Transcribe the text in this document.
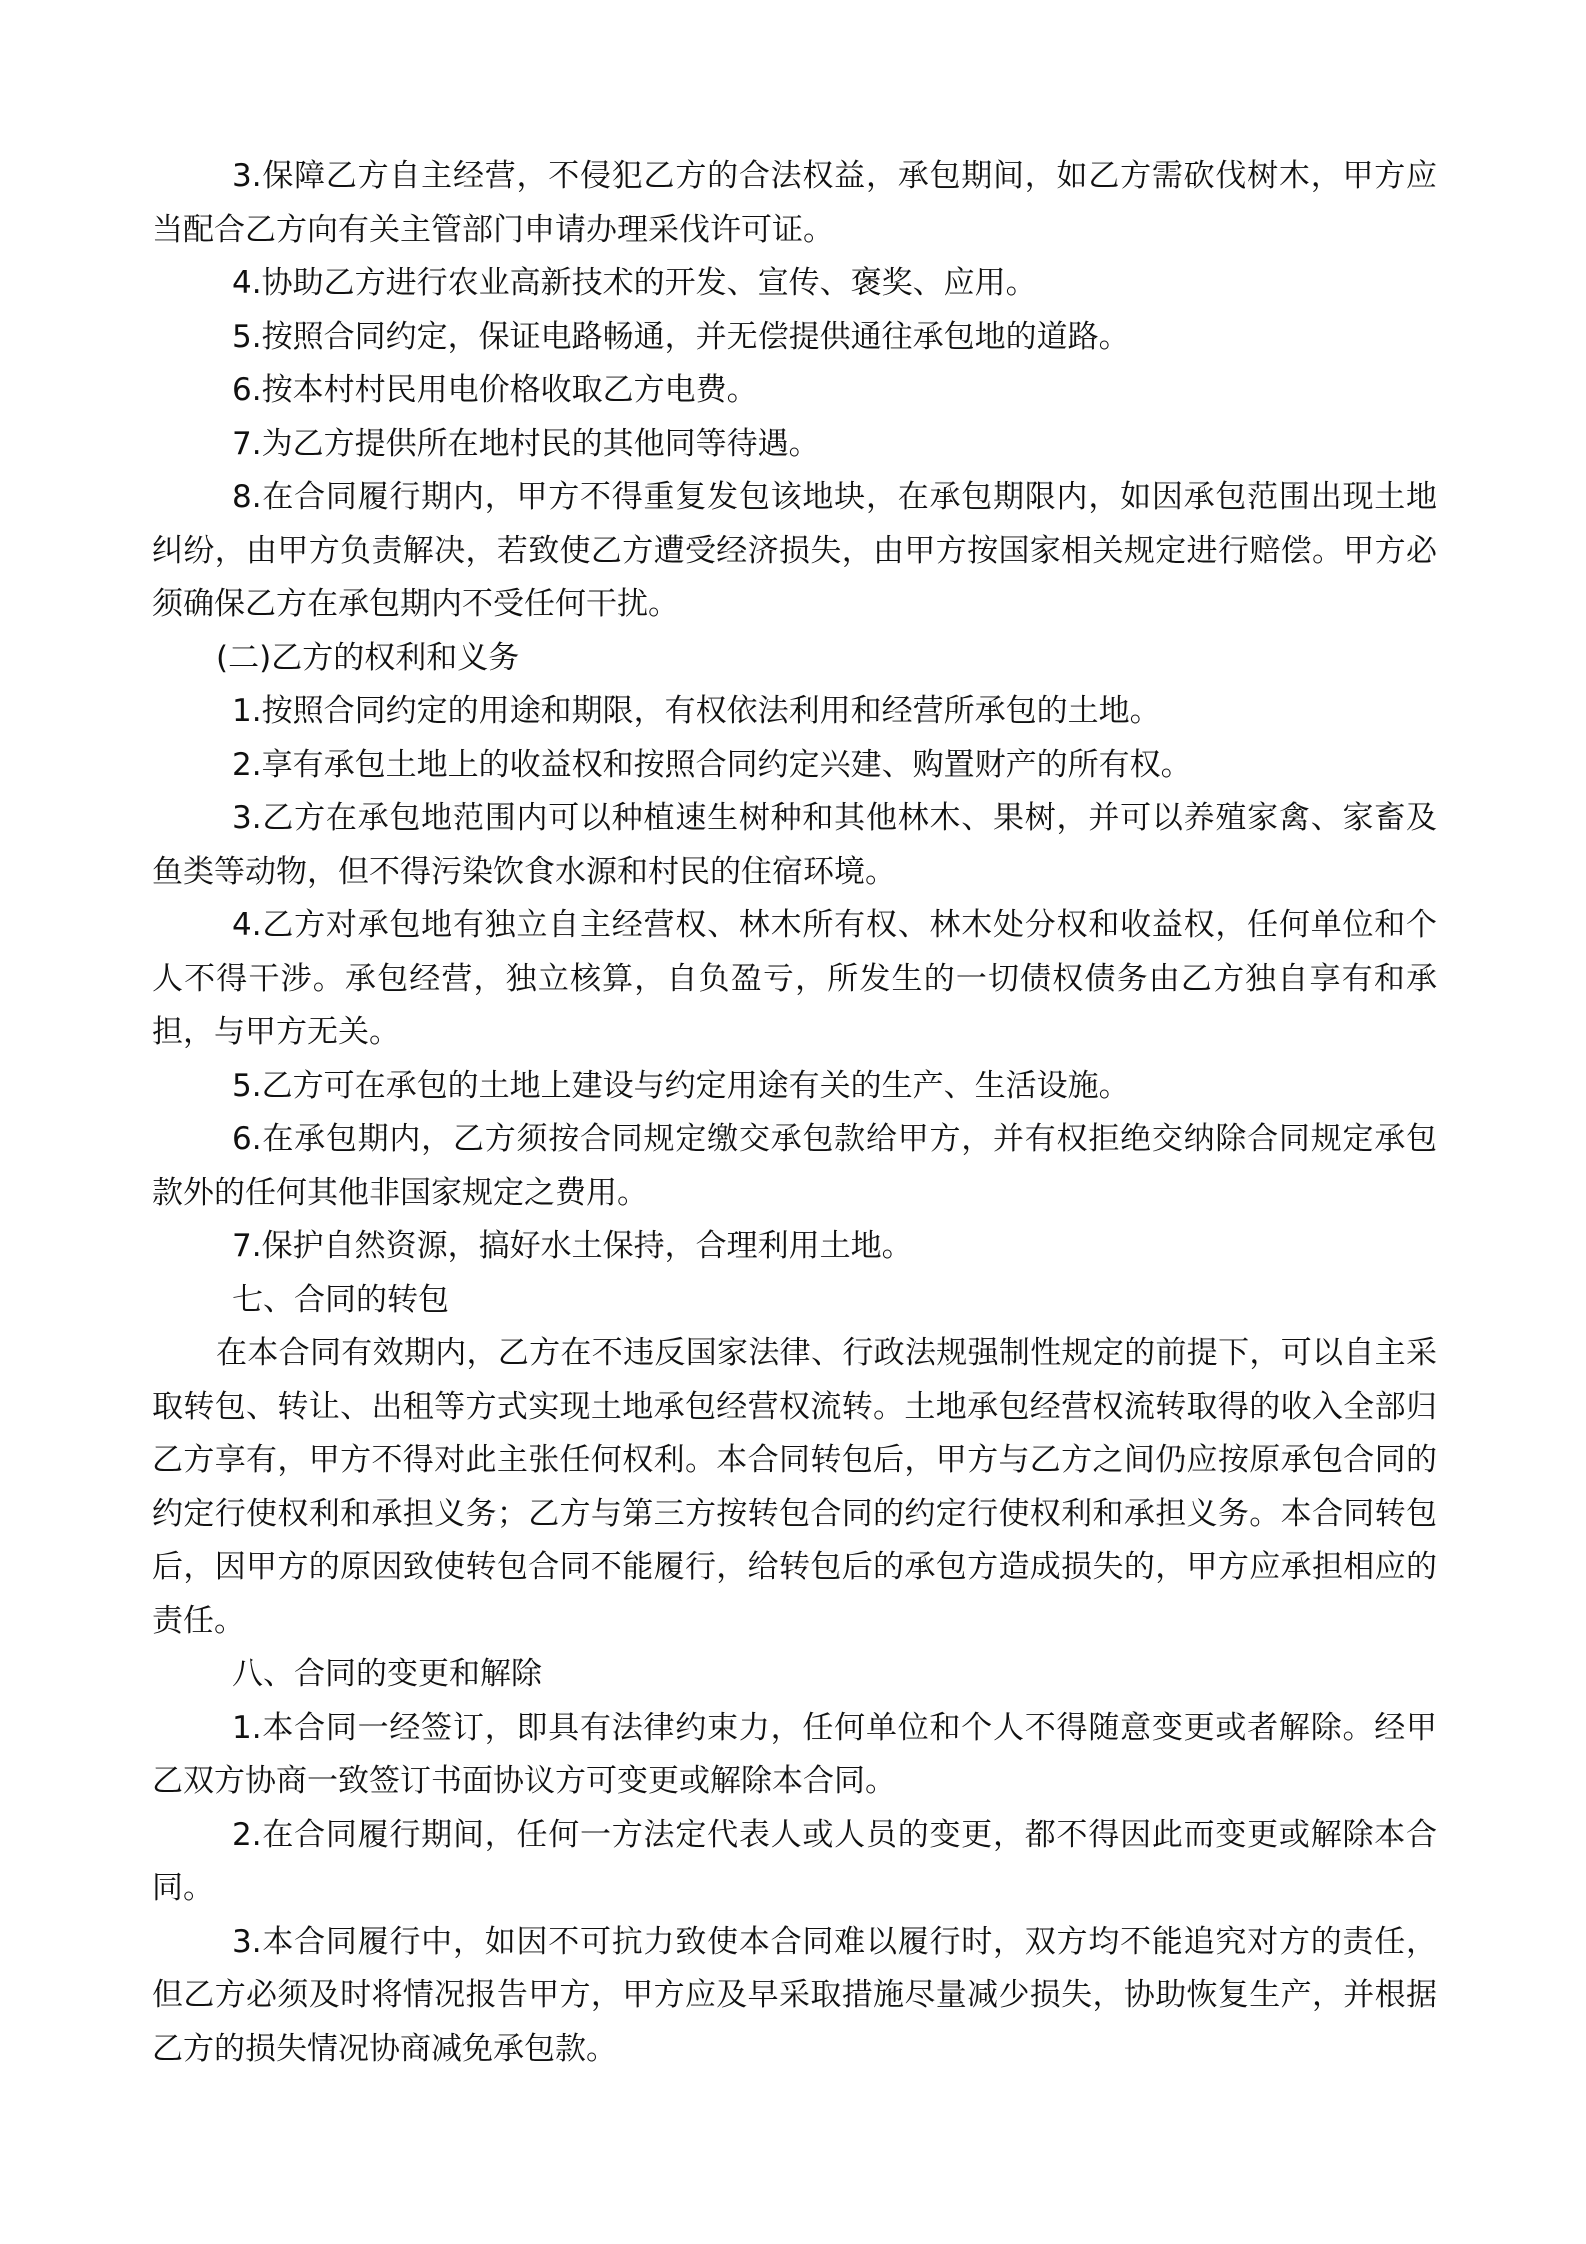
3.保障乙方自主经营，不侵犯乙方的合法权益，承包期间，如乙方需砍伐树木，甲方应当配合乙方向有关主管部门申请办理采伐许可证。

4.协助乙方进行农业高新技术的开发、宣传、褒奖、应用。

5.按照合同约定，保证电路畅通，并无偿提供通往承包地的道路。

6.按本村村民用电价格收取乙方电费。

7.为乙方提供所在地村民的其他同等待遇。

8.在合同履行期内，甲方不得重复发包该地块，在承包期限内，如因承包范围出现土地纠纷，由甲方负责解决，若致使乙方遭受经济损失，由甲方按国家相关规定进行赔偿。甲方必须确保乙方在承包期内不受任何干扰。

(二)乙方的权利和义务

1.按照合同约定的用途和期限，有权依法利用和经营所承包的土地。

2.享有承包土地上的收益权和按照合同约定兴建、购置财产的所有权。

3.乙方在承包地范围内可以种植速生树种和其他林木、果树，并可以养殖家禽、家畜及鱼类等动物，但不得污染饮食水源和村民的住宿环境。

4.乙方对承包地有独立自主经营权、林木所有权、林木处分权和收益权，任何单位和个人不得干涉。承包经营，独立核算，自负盈亏，所发生的一切债权债务由乙方独自享有和承担，与甲方无关。

5.乙方可在承包的土地上建设与约定用途有关的生产、生活设施。

6.在承包期内，乙方须按合同规定缴交承包款给甲方，并有权拒绝交纳除合同规定承包款外的任何其他非国家规定之费用。

7.保护自然资源，搞好水土保持，合理利用土地。

七、合同的转包

在本合同有效期内，乙方在不违反国家法律、行政法规强制性规定的前提下，可以自主采取转包、转让、出租等方式实现土地承包经营权流转。土地承包经营权流转取得的收入全部归乙方享有，甲方不得对此主张任何权利。本合同转包后，甲方与乙方之间仍应按原承包合同的约定行使权利和承担义务；乙方与第三方按转包合同的约定行使权利和承担义务。本合同转包后，因甲方的原因致使转包合同不能履行，给转包后的承包方造成损失的，甲方应承担相应的责任。

八、合同的变更和解除

1.本合同一经签订，即具有法律约束力，任何单位和个人不得随意变更或者解除。经甲乙双方协商一致签订书面协议方可变更或解除本合同。

2.在合同履行期间，任何一方法定代表人或人员的变更，都不得因此而变更或解除本合同。

3.本合同履行中，如因不可抗力致使本合同难以履行时，双方均不能追究对方的责任，但乙方必须及时将情况报告甲方，甲方应及早采取措施尽量减少损失，协助恢复生产，并根据乙方的损失情况协商减免承包款。
